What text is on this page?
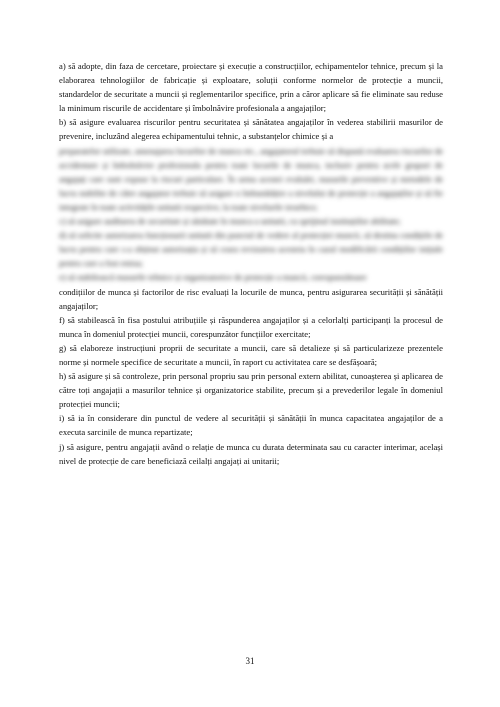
a) să adopte, din faza de cercetare, proiectare și execuție a construcțiilor, echipamentelor tehnice, precum și la elaborarea tehnologiilor de fabricație și exploatare, soluții conforme normelor de protecție a muncii, standardelor de securitate a muncii și reglementarilor specifice, prin a căror aplicare să fie eliminate sau reduse la minimum riscurile de accidentare și îmbolnăvire profesionala a angajaților;

b) să asigure evaluarea riscurilor pentru securitatea și sănătatea angajaților în vederea stabilirii masurilor de prevenire, incluzând alegerea echipamentului tehnic, a substanțelor chimice și a

preparatelor utilizate, amenajarea locurilor de munca etc., angajatorul trebuie să dispună evaluarea riscurilor de accidentare și îmbolnăvire profesionala pentru toate locurile de munca, inclusiv pentru acele grupuri de angajați care sunt expuse la riscuri particulare. În urma acestei evaluări, masurile preventive și metodele de lucru stabilite de către angajator trebuie să asigure o îmbunătățire a nivelului de protecție a angajaților și să fie integrate în toate activitățile unitatii respective, la toate nivelurile ierarhice;

c) să asigure auditarea de securitate și sănătate în munca a unitatii, cu sprijinul instituțiilor abilitate;

d) să solicite autorizarea funcționarii unitatii din punctul de vedere al protecției muncii, să destina condițiile de lucru pentru care s-a obținut autorizația și să ceara revizuirea acesteia în cazul modificării condițiilor inițiale pentru care a fost emisa;

e) să stabilească masurile tehnice și organizatorice de protecție a muncii, corespunzătoare

condițiilor de munca și factorilor de risc evaluați la locurile de munca, pentru asigurarea securității și sănătății angajaților;

f) să stabilească în fisa postului atribuțiile și răspunderea angajaților și a celorlalți participanți la procesul de munca în domeniul protecției muncii, corespunzător funcțiilor exercitate;

g) să elaboreze instrucțiuni proprii de securitate a muncii, care să detalieze și să particularizeze prezentele norme și normele specifice de securitate a muncii, în raport cu activitatea care se desfășoară;

h) să asigure și să controleze, prin personal propriu sau prin personal extern abilitat, cunoașterea și aplicarea de către toți angajații a masurilor tehnice și organizatorice stabilite, precum și a prevederilor legale în domeniul protecției muncii;

i) să ia în considerare din punctul de vedere al securității și sănătății în munca capacitatea angajaților de a executa sarcinile de munca repartizate;

j) să asigure, pentru angajații având o relație de munca cu durata determinata sau cu caracter interimar, același nivel de protecție de care beneficiază ceilalți angajați ai unitarii;

31
